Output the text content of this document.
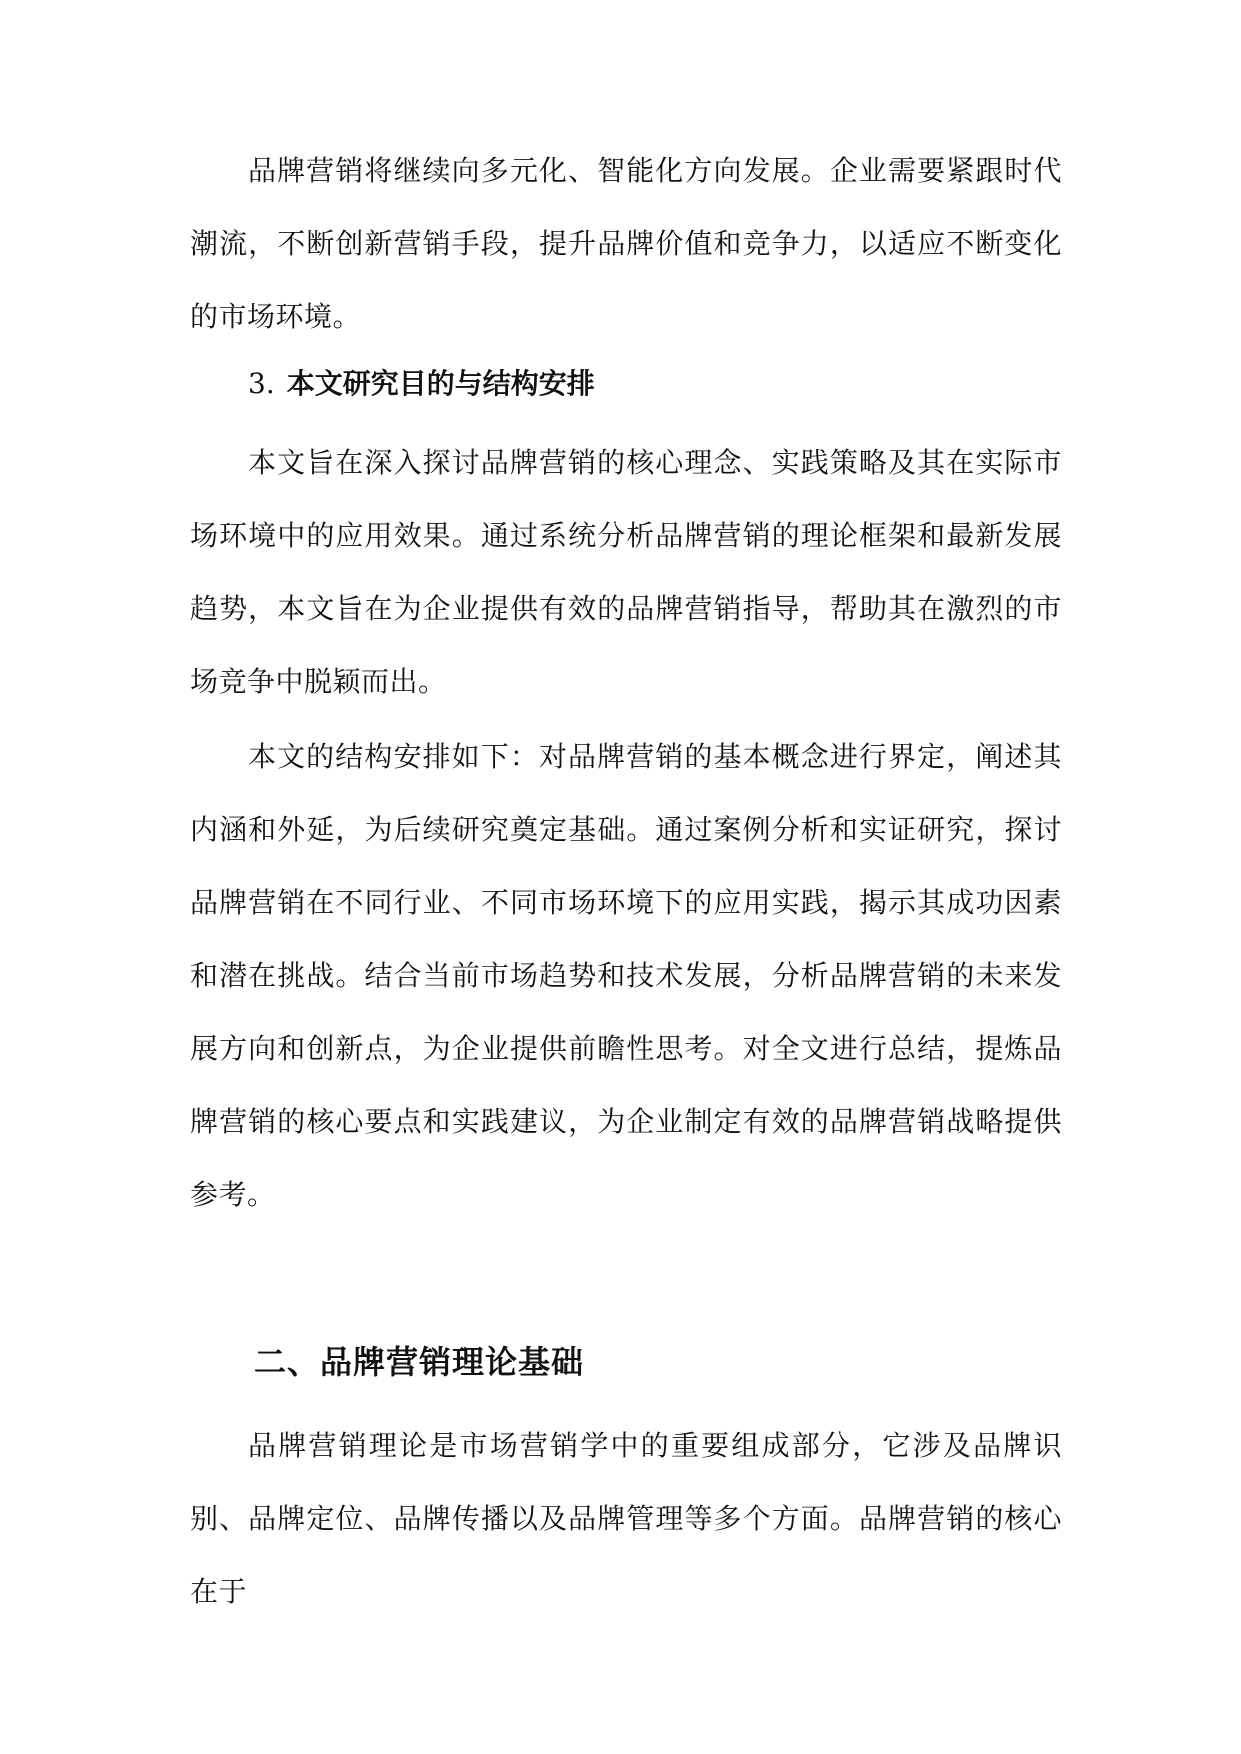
品牌营销将继续向多元化、智能化方向发展。企业需要紧跟时代潮流，不断创新营销手段，提升品牌价值和竞争力，以适应不断变化的市场环境。

3. 本文研究目的与结构安排

本文旨在深入探讨品牌营销的核心理念、实践策略及其在实际市场环境中的应用效果。通过系统分析品牌营销的理论框架和最新发展趋势，本文旨在为企业提供有效的品牌营销指导，帮助其在激烈的市场竞争中脱颖而出。

本文的结构安排如下：对品牌营销的基本概念进行界定，阐述其内涵和外延，为后续研究奠定基础。通过案例分析和实证研究，探讨品牌营销在不同行业、不同市场环境下的应用实践，揭示其成功因素和潜在挑战。结合当前市场趋势和技术发展，分析品牌营销的未来发展方向和创新点，为企业提供前瞻性思考。对全文进行总结，提炼品牌营销的核心要点和实践建议，为企业制定有效的品牌营销战略提供参考。

二、品牌营销理论基础

品牌营销理论是市场营销学中的重要组成部分，它涉及品牌识别、品牌定位、品牌传播以及品牌管理等多个方面。品牌营销的核心在于
